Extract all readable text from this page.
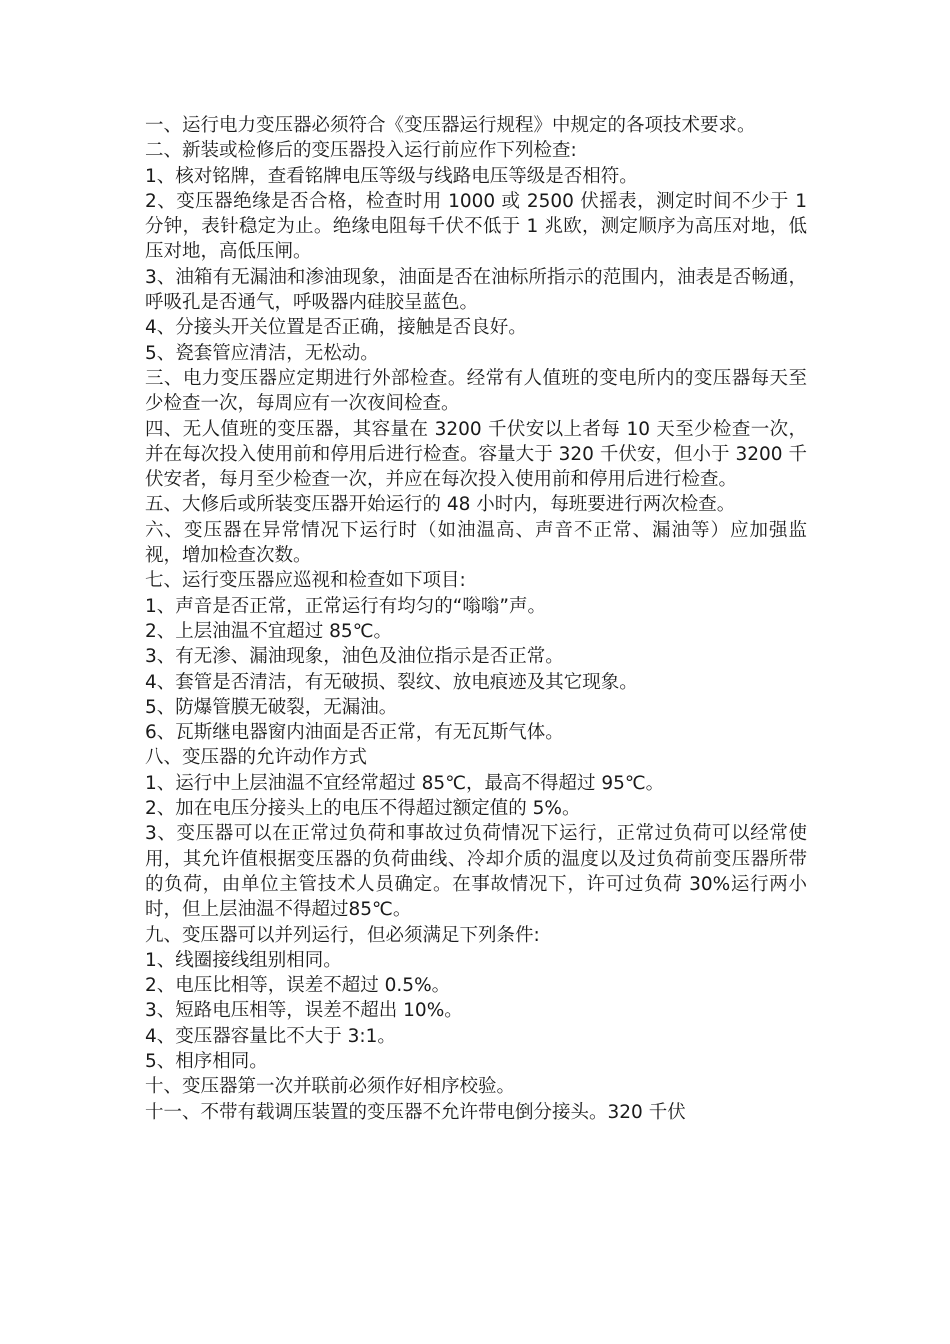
一、运行电力变压器必须符合《变压器运行规程》中规定的各项技术要求。

二、新装或检修后的变压器投入运行前应作下列检查:

1、核对铭牌，查看铭牌电压等级与线路电压等级是否相符。

2、变压器绝缘是否合格，检查时用 1000 或 2500 伏摇表，测定时间不少于 1 分钟，表针稳定为止。绝缘电阻每千伏不低于 1 兆欧，测定顺序为高压对地，低压对地，高低压闸。

3、油箱有无漏油和渗油现象，油面是否在油标所指示的范围内，油表是否畅通，呼吸孔是否通气，呼吸器内硅胶呈蓝色。

4、分接头开关位置是否正确，接触是否良好。

5、瓷套管应清洁，无松动。

三、电力变压器应定期进行外部检查。经常有人值班的变电所内的变压器每天至少检查一次，每周应有一次夜间检查。

四、无人值班的变压器，其容量在 3200 千伏安以上者每 10 天至少检查一次，并在每次投入使用前和停用后进行检查。容量大于 320 千伏安，但小于 3200 千伏安者，每月至少检查一次，并应在每次投入使用前和停用后进行检查。

五、大修后或所装变压器开始运行的 48 小时内，每班要进行两次检查。

六、变压器在异常情况下运行时（如油温高、声音不正常、漏油等）应加强监视，增加检查次数。

七、运行变压器应巡视和检查如下项目:

1、声音是否正常，正常运行有均匀的“嗡嗡”声。

2、上层油温不宜超过 85℃。

3、有无渗、漏油现象，油色及油位指示是否正常。

4、套管是否清洁，有无破损、裂纹、放电痕迹及其它现象。

5、防爆管膜无破裂，无漏油。

6、瓦斯继电器窗内油面是否正常，有无瓦斯气体。

八、变压器的允许动作方式

1、运行中上层油温不宜经常超过 85℃，最高不得超过 95℃。

2、加在电压分接头上的电压不得超过额定值的 5%。

3、变压器可以在正常过负荷和事故过负荷情况下运行，正常过负荷可以经常使用，其允许值根据变压器的负荷曲线、冷却介质的温度以及过负荷前变压器所带的负荷，由单位主管技术人员确定。在事故情况下，许可过负荷 30%运行两小时，但上层油温不得超过85℃。

九、变压器可以并列运行，但必须满足下列条件:

1、线圈接线组别相同。

2、电压比相等，误差不超过 0.5%。

3、短路电压相等，误差不超出 10%。

4、变压器容量比不大于 3:1。

5、相序相同。

十、变压器第一次并联前必须作好相序校验。

十一、不带有载调压装置的变压器不允许带电倒分接头。320 千伏
